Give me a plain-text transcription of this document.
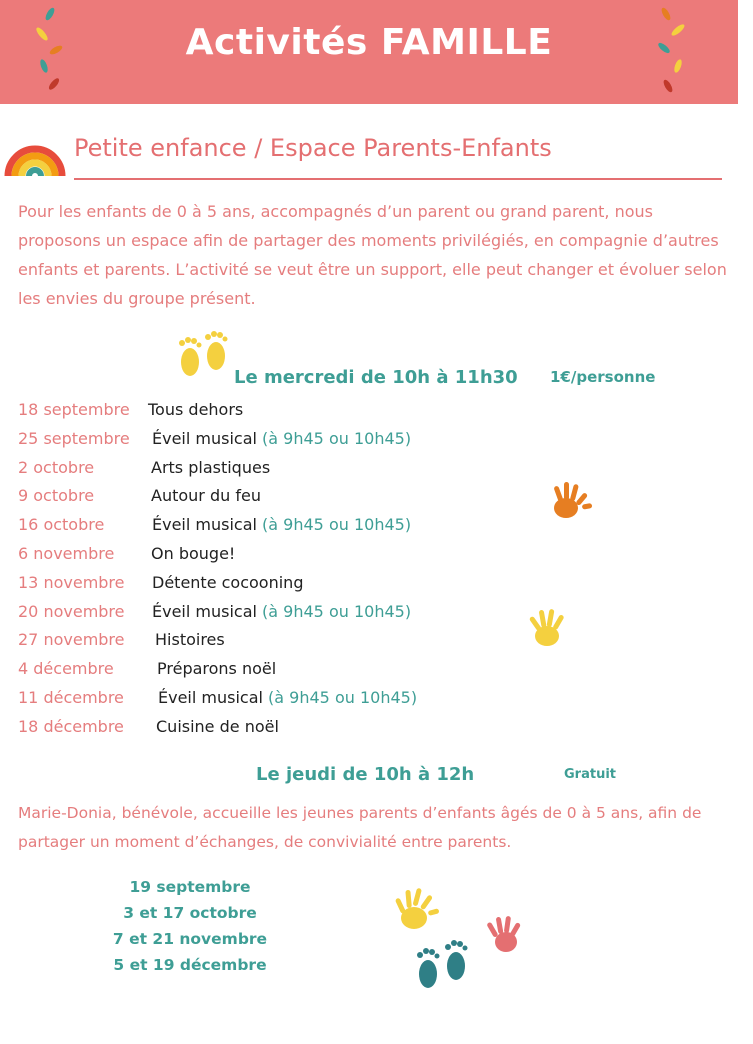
Activités FAMILLE
Petite enfance / Espace Parents-Enfants
Pour les enfants de 0 à 5 ans, accompagnés d’un parent ou grand parent, nous proposons un espace afin de partager des moments privilégiés, en compagnie d’autres enfants et parents. L’activité se veut être un support, elle peut changer et évoluer selon les envies du groupe présent.
Le mercredi de 10h à 11h30 1€/personne
18 septembre Tous dehors
25 septembre Éveil musical (à 9h45 ou 10h45)
2 octobre	Arts plastiques
9 octobre	Autour du feu
16 octobre	Éveil musical (à 9h45 ou 10h45)
6 novembre On bouge!
13 novembre Détente cocooning
20 novembre Éveil musical (à 9h45 ou 10h45)
27 novembre Histoires
4 décembre	Préparons noël
11 décembre Éveil musical (à 9h45 ou 10h45)
18 décembre Cuisine de noël
Le jeudi de 10h à 12h	Gratuit
Marie-Donia, bénévole, accueille les jeunes parents d’enfants âgés de 0 à 5 ans, afin de partager un moment d’échanges, de convivialité entre parents.
19 septembre
3 et 17 octobre
7 et 21 novembre
5 et 19 décembre
